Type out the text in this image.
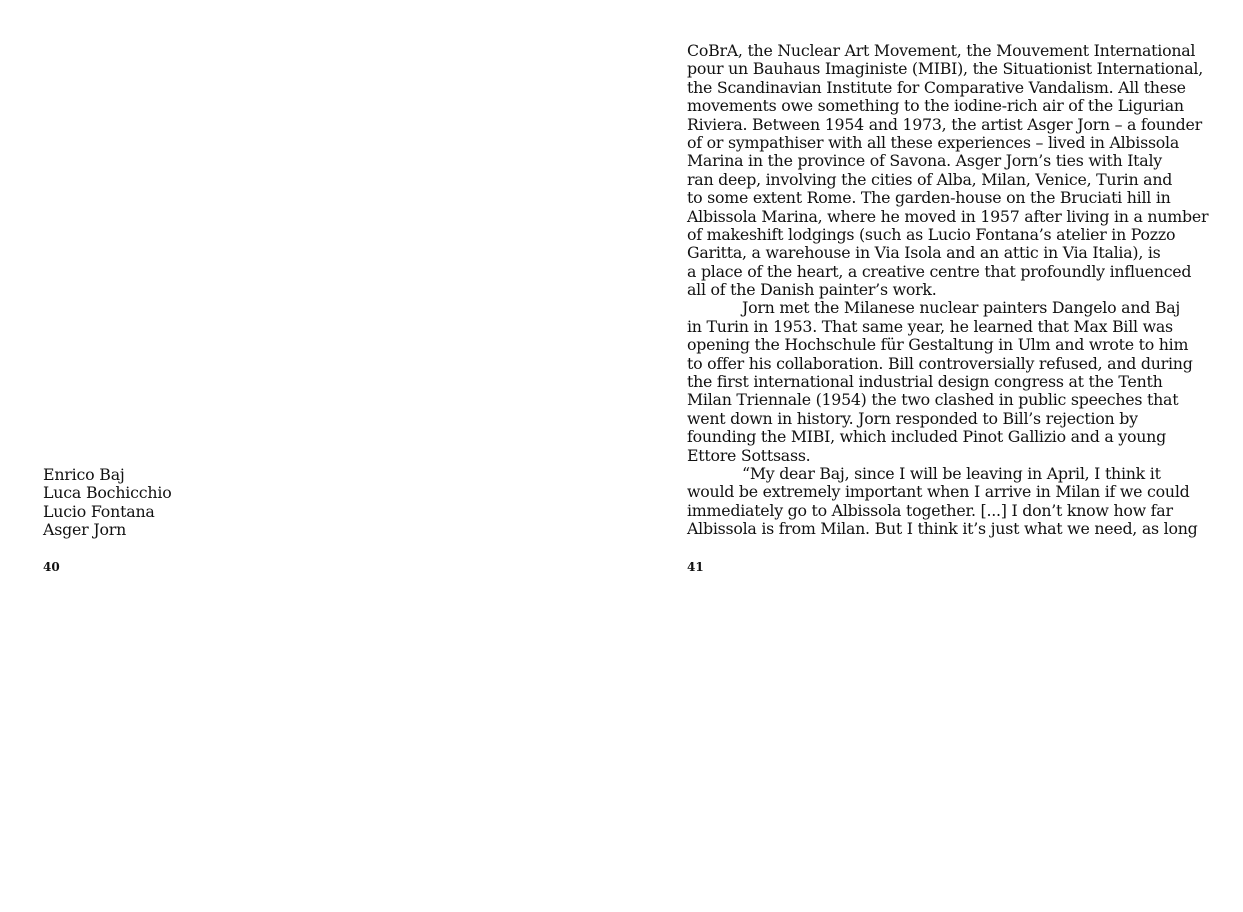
Enrico Baj
Luca Bochicchio
Lucio Fontana
Asger Jorn
40
CoBrA, the Nuclear Art Movement, the Mouvement International
pour un Bauhaus Imaginiste (MIBI), the Situationist International,
the Scandinavian Institute for Comparative Vandalism. All these
movements owe something to the iodine-rich air of the Ligurian
Riviera. Between 1954 and 1973, the artist Asger Jorn – a founder
of or sympathiser with all these experiences – lived in Albissola
Marina in the province of Savona. Asger Jorn’s ties with Italy
ran deep, involving the cities of Alba, Milan, Venice, Turin and
to some extent Rome. The garden-house on the Bruciati hill in
Albissola Marina, where he moved in 1957 after living in a number
of makeshift lodgings (such as Lucio Fontana’s atelier in Pozzo
Garitta, a warehouse in Via Isola and an attic in Via Italia), is
a place of the heart, a creative centre that profoundly influenced
all of the Danish painter’s work.
Jorn met the Milanese nuclear painters Dangelo and Baj
in Turin in 1953. That same year, he learned that Max Bill was
opening the Hochschule für Gestaltung in Ulm and wrote to him
to offer his collaboration. Bill controversially refused, and during
the first international industrial design congress at the Tenth
Milan Triennale (1954) the two clashed in public speeches that
went down in history. Jorn responded to Bill’s rejection by
founding the MIBI, which included Pinot Gallizio and a young
Ettore Sottsass.
“My dear Baj, since I will be leaving in April, I think it
would be extremely important when I arrive in Milan if we could
immediately go to Albissola together. [...] I don’t know how far
Albissola is from Milan. But I think it’s just what we need, as long
41
